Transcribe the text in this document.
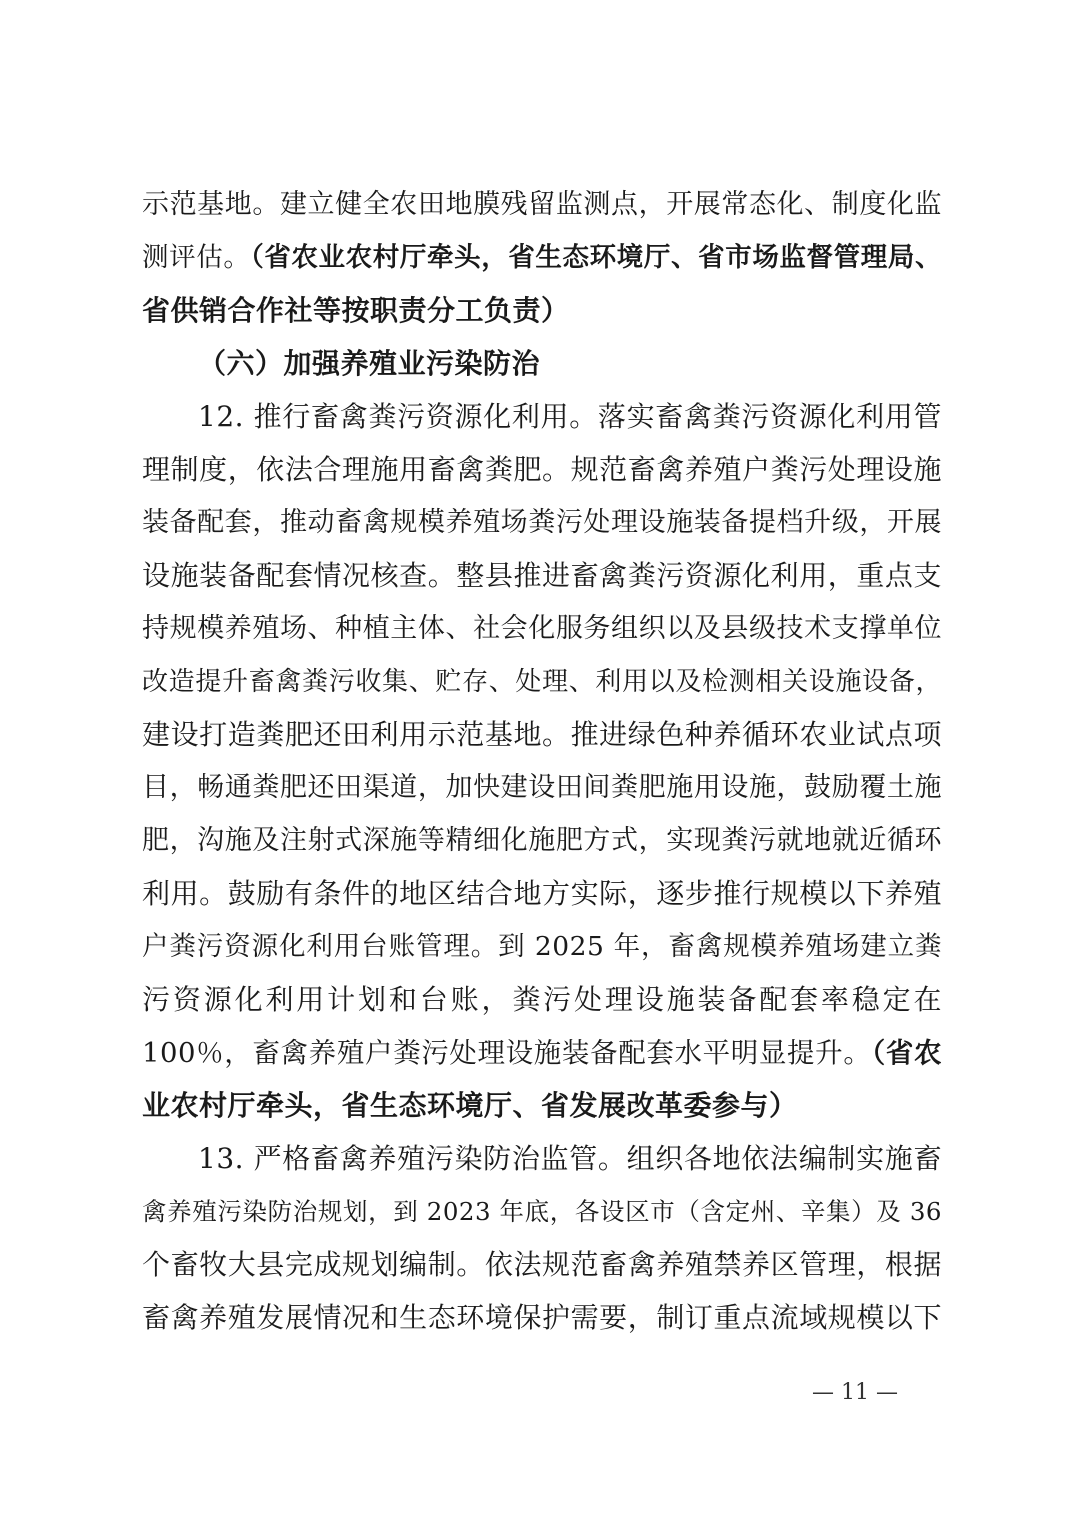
示范基地。建立健全农田地膜残留监测点，开展常态化、制度化监
测评估。（省农业农村厅牵头，省生态环境厅、省市场监督管理局、
省供销合作社等按职责分工负责）
（六）加强养殖业污染防治
12. 推行畜禽粪污资源化利用。落实畜禽粪污资源化利用管
理制度，依法合理施用畜禽粪肥。规范畜禽养殖户粪污处理设施
装备配套，推动畜禽规模养殖场粪污处理设施装备提档升级，开展
设施装备配套情况核查。整县推进畜禽粪污资源化利用，重点支
持规模养殖场、种植主体、社会化服务组织以及县级技术支撑单位
改造提升畜禽粪污收集、贮存、处理、利用以及检测相关设施设备，
建设打造粪肥还田利用示范基地。推进绿色种养循环农业试点项
目，畅通粪肥还田渠道，加快建设田间粪肥施用设施，鼓励覆土施
肥，沟施及注射式深施等精细化施肥方式，实现粪污就地就近循环
利用。鼓励有条件的地区结合地方实际，逐步推行规模以下养殖
户粪污资源化利用台账管理。到 2025 年，畜禽规模养殖场建立粪
污资源化利用计划和台账，粪污处理设施装备配套率稳定在
100％，畜禽养殖户粪污处理设施装备配套水平明显提升。（省农
业农村厅牵头，省生态环境厅、省发展改革委参与）
13. 严格畜禽养殖污染防治监管。组织各地依法编制实施畜
禽养殖污染防治规划，到 2023 年底，各设区市（含定州、辛集）及 36
个畜牧大县完成规划编制。依法规范畜禽养殖禁养区管理，根据
畜禽养殖发展情况和生态环境保护需要，制订重点流域规模以下
— 11 —
